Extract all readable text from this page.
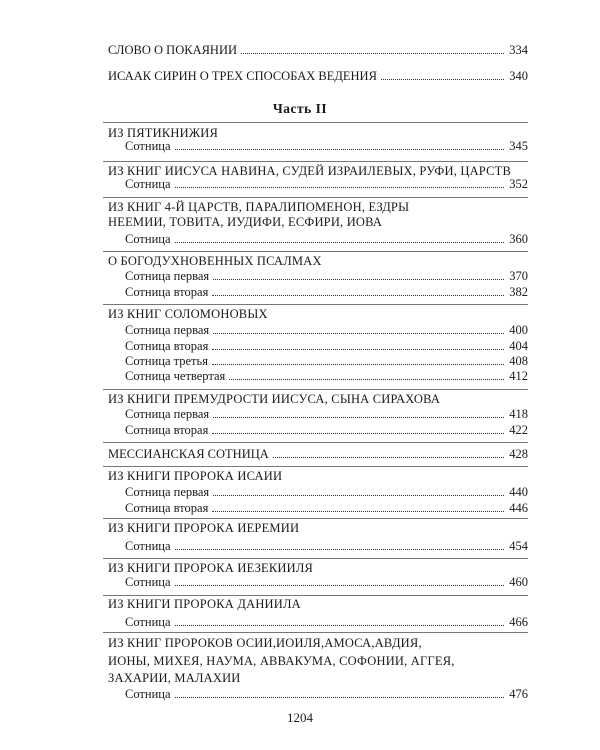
СЛОВО О ПОКАЯНИИ	334
ИСААК СИРИН О ТРЕХ СПОСОБАХ ВЕДЕНИЯ	340
Часть II
ИЗ ПЯТИКНИЖИЯ
Сотница	345
ИЗ КНИГ ИИСУСА НАВИНА, СУДЕЙ ИЗРАИЛЕВЫХ, РУФИ, ЦАРСТВ
Сотница	352
ИЗ КНИГ 4-Й ЦАРСТВ, ПАРАЛИПОМЕНОН, ЕЗДРЫ
НЕЕМИИ, ТОВИТА, ИУДИФИ, ЕСФИРИ, ИОВА
Сотница	360
О БОГОДУХНОВЕННЫХ ПСАЛМАХ
Сотница первая	370
Сотница вторая	382
ИЗ КНИГ СОЛОМОНОВЫХ
Сотница первая	400
Сотница вторая	404
Сотница третья	408
Сотница четвертая	412
ИЗ КНИГИ ПРЕМУДРОСТИ ИИСУСА, СЫНА СИРАХОВА
Сотница первая	418
Сотница вторая	422
МЕССИАНСКАЯ СОТНИЦА	428
ИЗ КНИГИ ПРОРОКА ИСАИИ
Сотница первая	440
Сотница вторая	446
ИЗ КНИГИ ПРОРОКА ИЕРЕМИИ
Сотница	454
ИЗ КНИГИ ПРОРОКА ИЕЗЕКИИЛЯ
Сотница	460
ИЗ КНИГИ ПРОРОКА ДАНИИЛА
Сотница	466
ИЗ КНИГ ПРОРОКОВ ОСИИ,ИОИЛЯ,АМОСА,АВДИЯ,
ИОНЫ, МИХЕЯ, НАУМА, АВВАКУМА, СОФОНИИ, АГГЕЯ,
ЗАХАРИИ, МАЛАХИИ
Сотница	476
1204
